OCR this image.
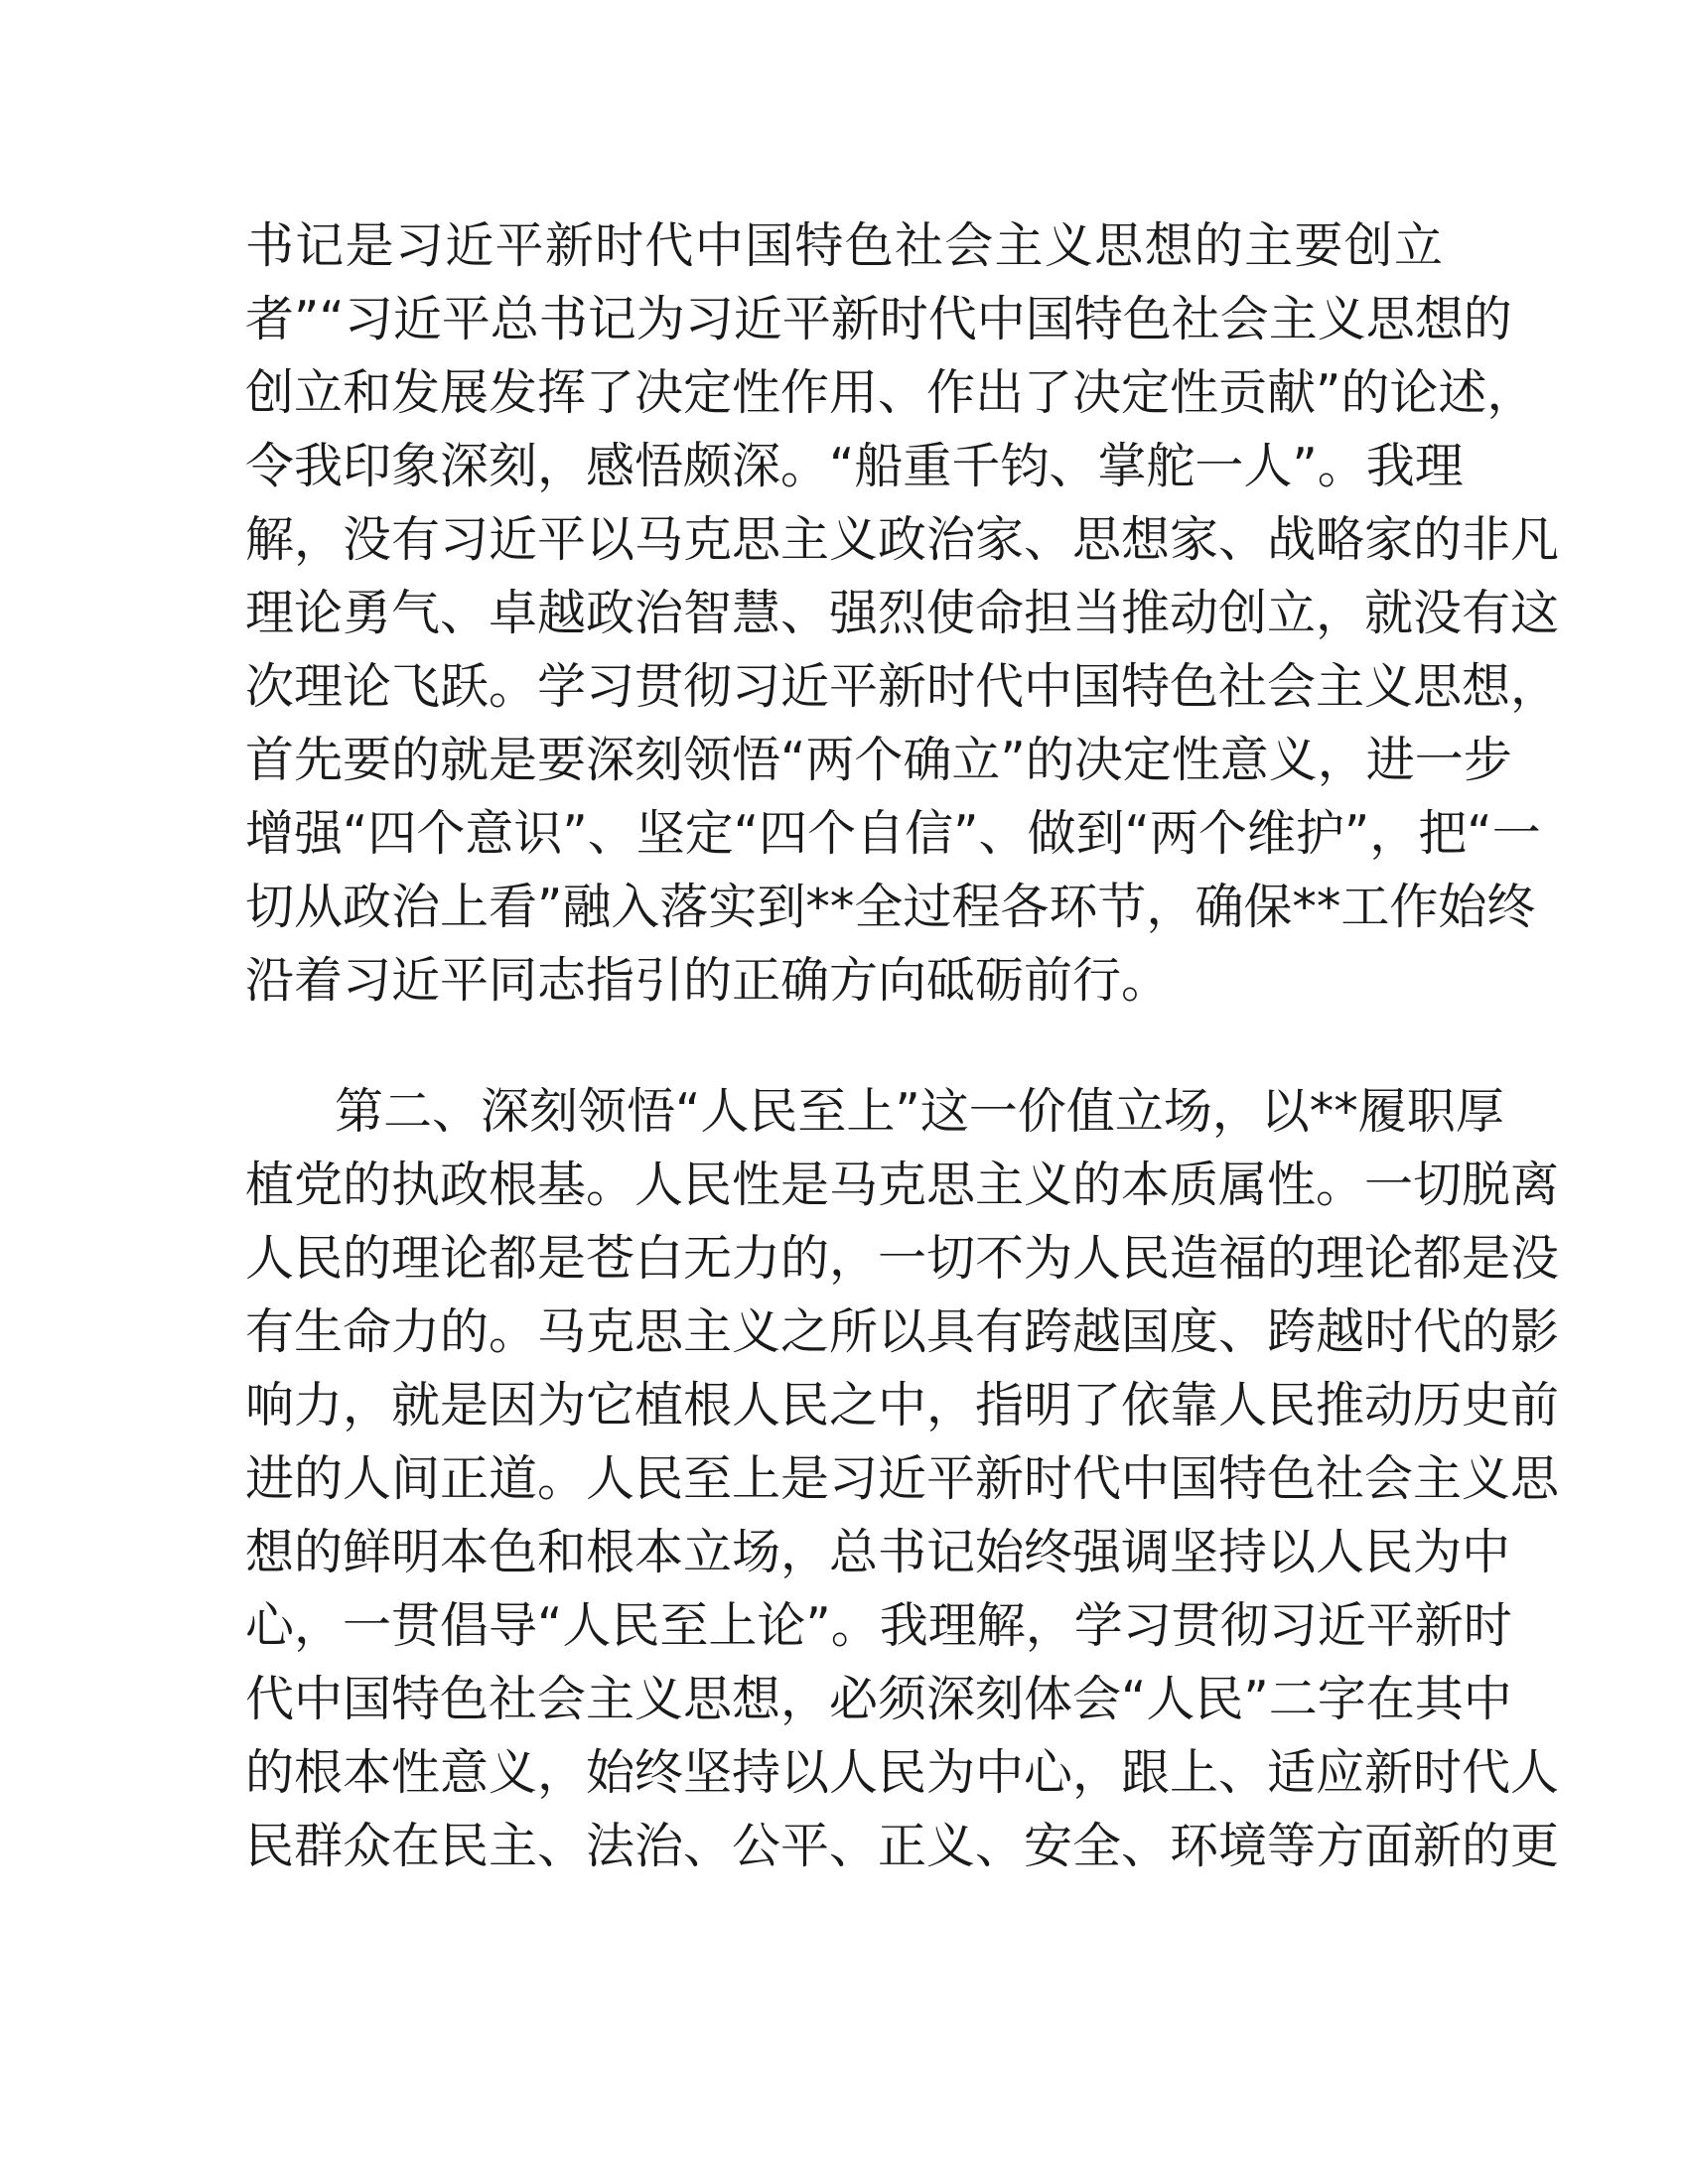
书记是习近平新时代中国特色社会主义思想的主要创立
者”“习近平总书记为习近平新时代中国特色社会主义思想的
创立和发展发挥了决定性作用、作出了决定性贡献”的论述，
令我印象深刻，感悟颇深。“船重千钧、掌舵一人”。我理
解，没有习近平以马克思主义政治家、思想家、战略家的非凡
理论勇气、卓越政治智慧、强烈使命担当推动创立，就没有这
次理论飞跃。学习贯彻习近平新时代中国特色社会主义思想，
首先要的就是要深刻领悟“两个确立”的决定性意义，进一步
增强“四个意识”、坚定“四个自信”、做到“两个维护”，把“一
切从政治上看”融入落实到**全过程各环节，确保**工作始终
沿着习近平同志指引的正确方向砥砺前行。
第二、深刻领悟“人民至上”这一价值立场，以**履职厚
植党的执政根基。人民性是马克思主义的本质属性。一切脱离
人民的理论都是苍白无力的，一切不为人民造福的理论都是没
有生命力的。马克思主义之所以具有跨越国度、跨越时代的影
响力，就是因为它植根人民之中，指明了依靠人民推动历史前
进的人间正道。人民至上是习近平新时代中国特色社会主义思
想的鲜明本色和根本立场，总书记始终强调坚持以人民为中
心，一贯倡导“人民至上论”。我理解，学习贯彻习近平新时
代中国特色社会主义思想，必须深刻体会“人民”二字在其中
的根本性意义，始终坚持以人民为中心，跟上、适应新时代人
民群众在民主、法治、公平、正义、安全、环境等方面新的更
